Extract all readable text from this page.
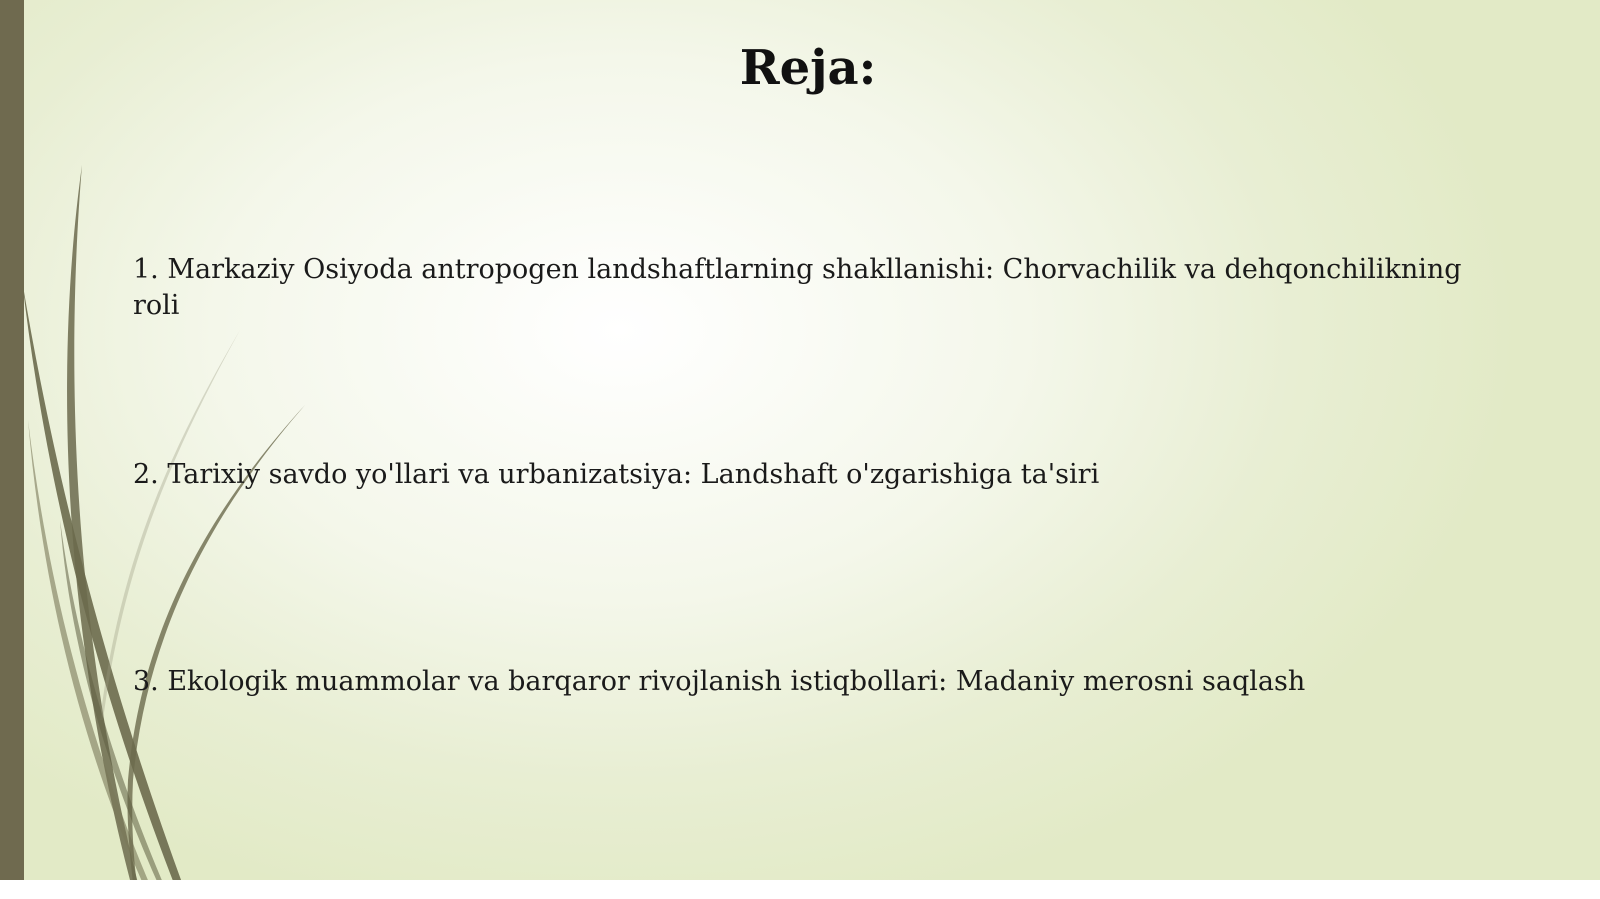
Reja:

1. Markaziy Osiyoda antropogen landshaftlarning shakllanishi: Chorvachilik va dehqonchilikning roli

2. Tarixiy savdo yo'llari va urbanizatsiya: Landshaft o'zgarishiga ta'siri

3. Ekologik muammolar va barqaror rivojlanish istiqbollari: Madaniy merosni saqlash
